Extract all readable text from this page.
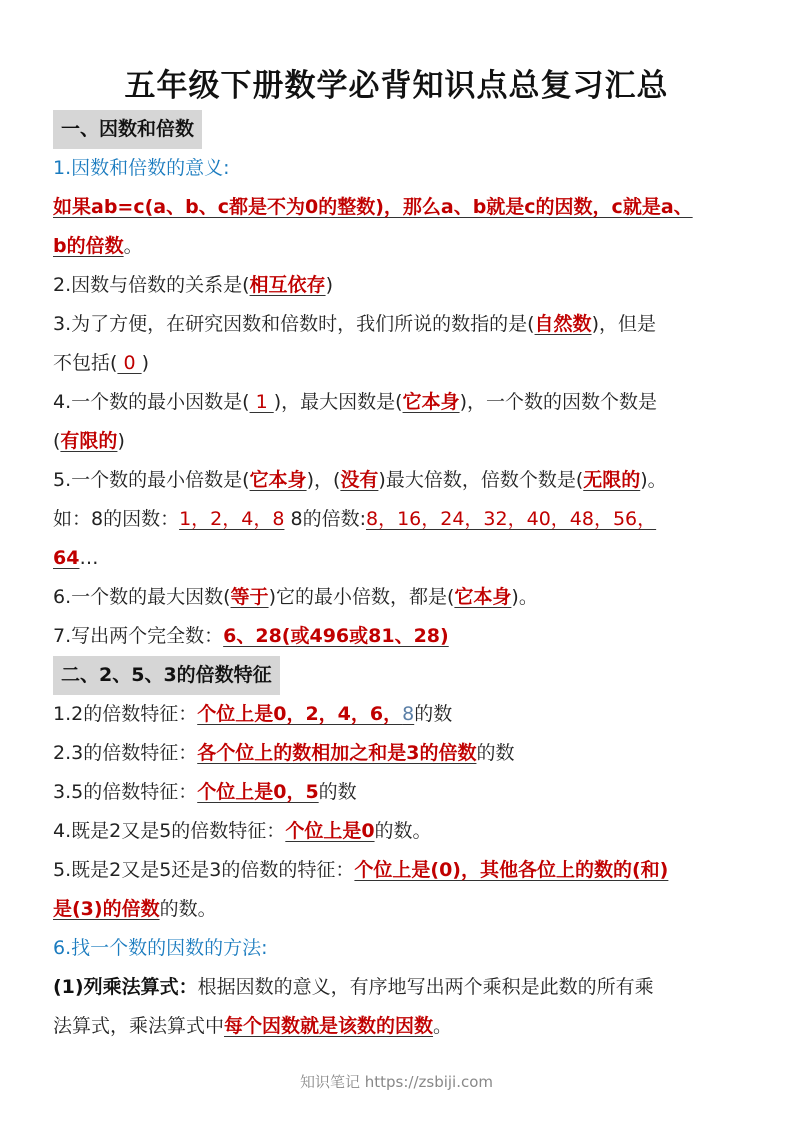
五年级下册数学必背知识点总复习汇总
一、因数和倍数
1.因数和倍数的意义:
如果ab=c(a、b、c都是不为0的整数)，那么a、b就是c的因数，c就是a、
b的倍数。
2.因数与倍数的关系是(相互依存)
3.为了方便，在研究因数和倍数时，我们所说的数指的是(自然数)，但是
不包括( 0 )
4.一个数的最小因数是( 1 )，最大因数是(它本身)，一个数的因数个数是
(有限的)
5.一个数的最小倍数是(它本身)，(没有)最大倍数，倍数个数是(无限的)。
如：8的因数：1，2，4，8 8的倍数:8，16，24，32，40，48，56，
64…
6.一个数的最大因数(等于)它的最小倍数，都是(它本身)。
7.写出两个完全数：6、28(或496或81、28)
二、2、5、3的倍数特征
1.2的倍数特征：个位上是0，2，4，6，8的数
2.3的倍数特征：各个位上的数相加之和是3的倍数的数
3.5的倍数特征：个位上是0，5的数
4.既是2又是5的倍数特征：个位上是0的数。
5.既是2又是5还是3的倍数的特征：个位上是(0)，其他各位上的数的(和)
是(3)的倍数的数。
6.找一个数的因数的方法:
(1)列乘法算式：根据因数的意义，有序地写出两个乘积是此数的所有乘
法算式，乘法算式中每个因数就是该数的因数。
知识笔记 https://zsbiji.com
